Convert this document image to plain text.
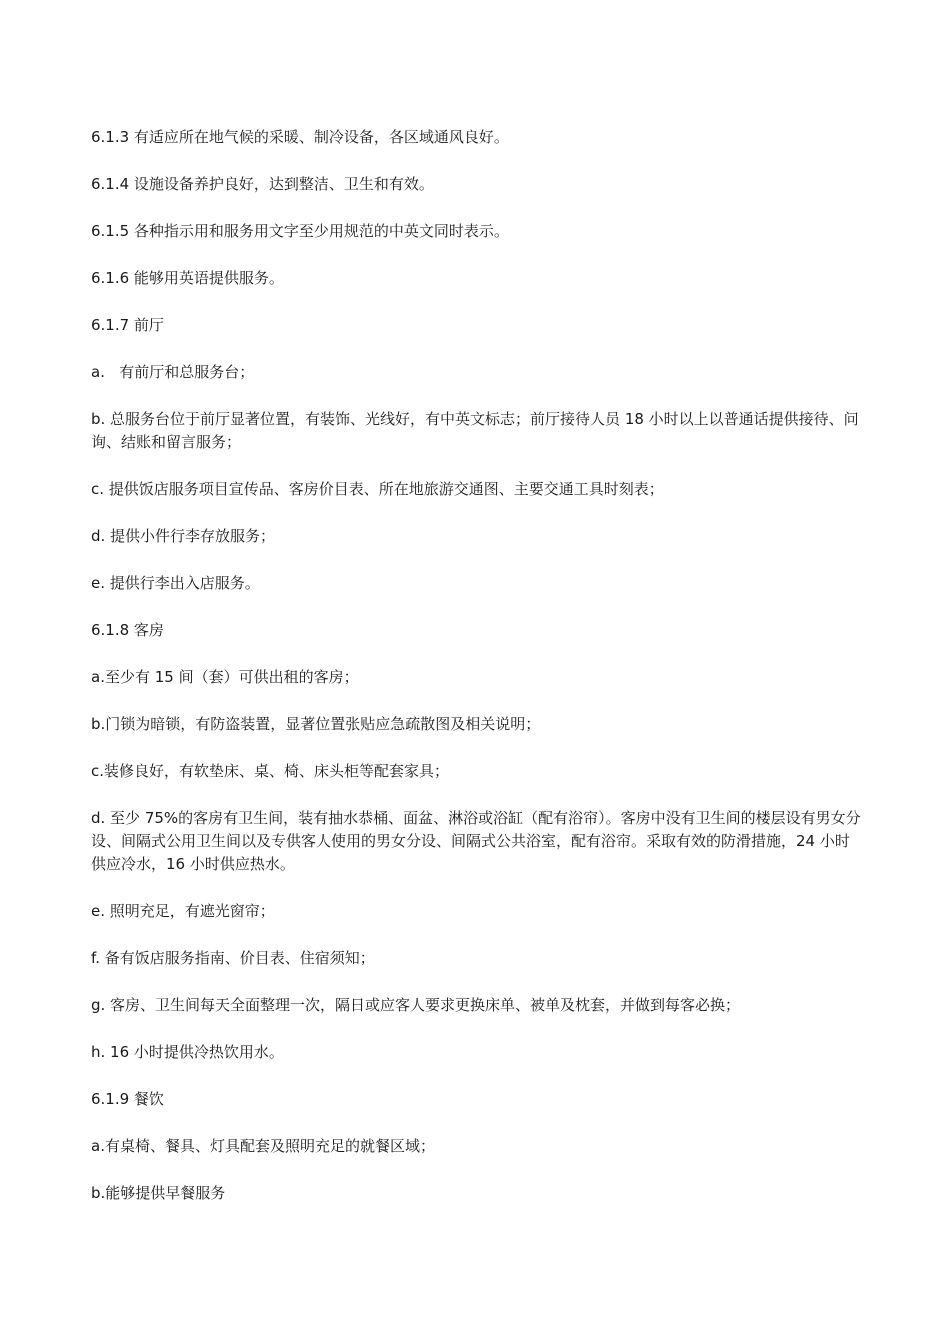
6.1.3 有适应所在地气候的采暖、制冷设备，各区域通风良好。

6.1.4 设施设备养护良好，达到整洁、卫生和有效。

6.1.5 各种指示用和服务用文字至少用规范的中英文同时表示。

6.1.6 能够用英语提供服务。

6.1.7 前厅

a.   有前厅和总服务台；

b. 总服务台位于前厅显著位置，有装饰、光线好，有中英文标志；前厅接待人员 18 小时以上以普通话提供接待、问询、结账和留言服务；

c. 提供饭店服务项目宣传品、客房价目表、所在地旅游交通图、主要交通工具时刻表；

d. 提供小件行李存放服务；

e. 提供行李出入店服务。

6.1.8 客房

a.至少有 15 间（套）可供出租的客房；

b.门锁为暗锁，有防盗装置，显著位置张贴应急疏散图及相关说明；

c.装修良好，有软垫床、桌、椅、床头柜等配套家具；

d. 至少 75%的客房有卫生间，装有抽水恭桶、面盆、淋浴或浴缸（配有浴帘）。客房中没有卫生间的楼层设有男女分设、间隔式公用卫生间以及专供客人使用的男女分设、间隔式公共浴室，配有浴帘。采取有效的防滑措施，24 小时供应冷水，16 小时供应热水。

e. 照明充足，有遮光窗帘；

f. 备有饭店服务指南、价目表、住宿须知；

g. 客房、卫生间每天全面整理一次，隔日或应客人要求更换床单、被单及枕套，并做到每客必换；

h. 16 小时提供冷热饮用水。

6.1.9 餐饮

a.有桌椅、餐具、灯具配套及照明充足的就餐区域；

b.能够提供早餐服务
